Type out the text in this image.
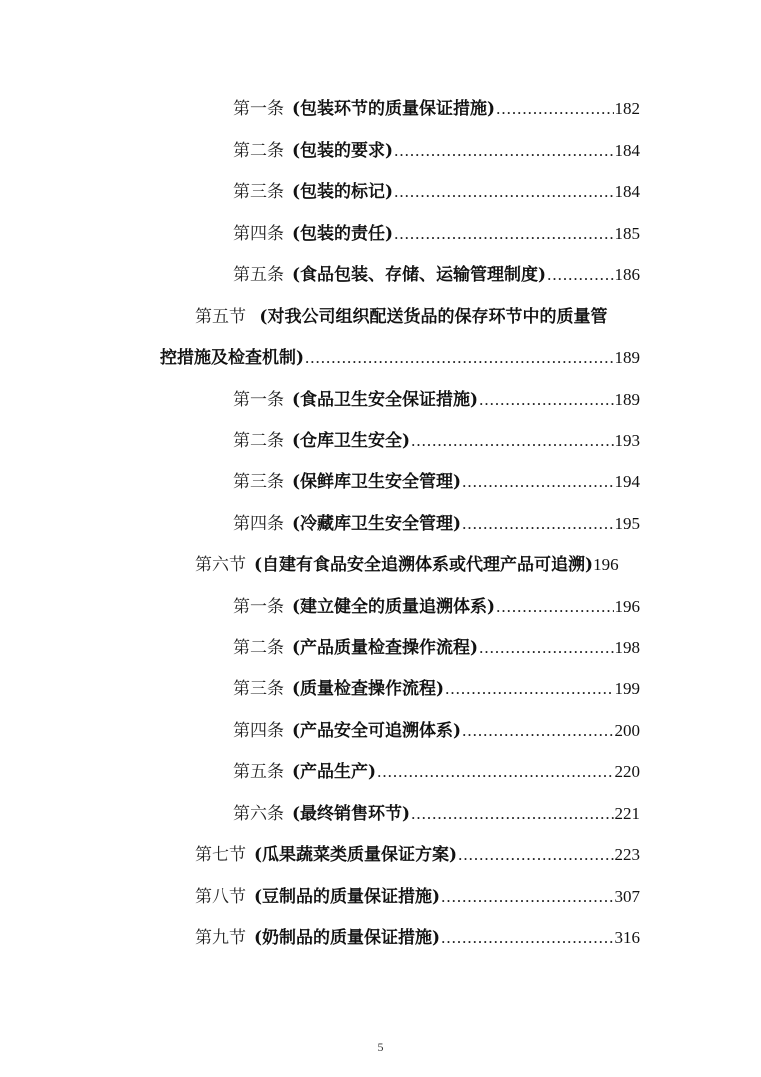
第一条 (包装环节的质量保证措施) .....	182
第二条 (包装的要求) .....	184
第三条 (包装的标记) .....	184
第四条 (包装的责任) .....	185
第五条 (食品包装、存储、运输管理制度) .....	186
第五节 (对我公司组织配送货品的保存环节中的质量管
控措施及检查机制) .....	189
第一条 (食品卫生安全保证措施) .....	189
第二条 (仓库卫生安全) .....	193
第三条 (保鲜库卫生安全管理) .....	194
第四条 (冷藏库卫生安全管理) .....	195
第六节 (自建有食品安全追溯体系或代理产品可追溯) 196
第一条 (建立健全的质量追溯体系) .....	196
第二条 (产品质量检查操作流程) .....	198
第三条 (质量检查操作流程) .....	199
第四条 (产品安全可追溯体系) .....	200
第五条 (产品生产) .....	220
第六条 (最终销售环节) .....	221
第七节 (瓜果蔬菜类质量保证方案) .....	223
第八节 (豆制品的质量保证措施) .....	307
第九节 (奶制品的质量保证措施) .....	316
5
